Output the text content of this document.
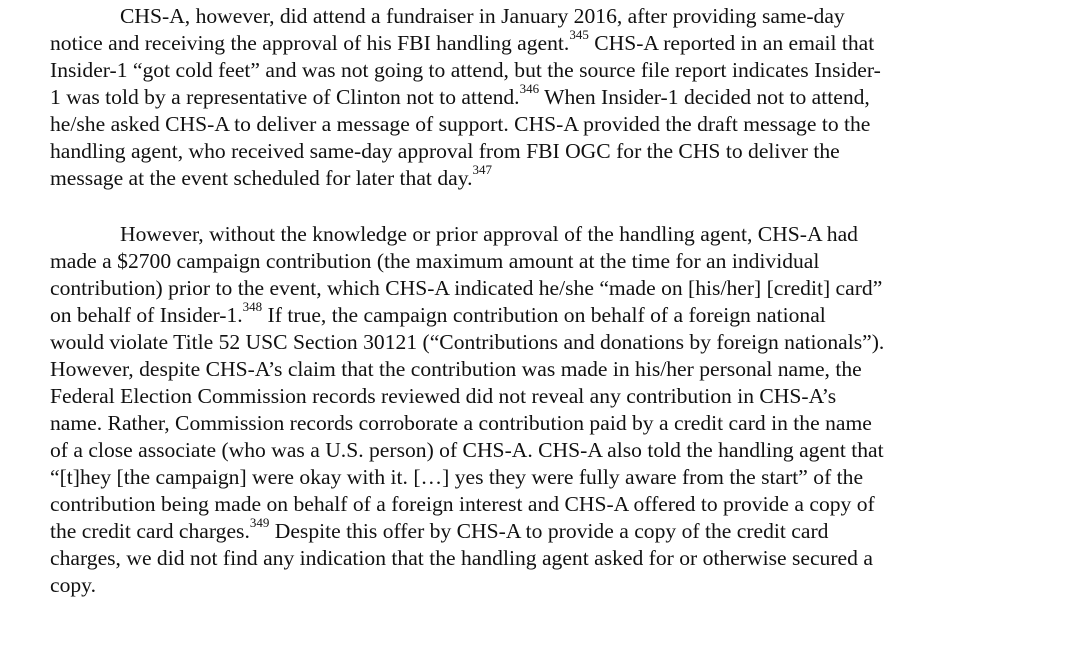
CHS-A, however, did attend a fundraiser in January 2016, after providing same-day
notice and receiving the approval of his FBI handling agent.$^{345}$ CHS-A reported in an email that
Insider-1 “got cold feet” and was not going to attend, but the source file report indicates Insider-
1 was told by a representative of Clinton not to attend.$^{346}$ When Insider-1 decided not to attend,
he/she asked CHS-A to deliver a message of support. CHS-A provided the draft message to the
handling agent, who received same-day approval from FBI OGC for the CHS to deliver the
message at the event scheduled for later that day.$^{347}$
However, without the knowledge or prior approval of the handling agent, CHS-A had
made a $2700 campaign contribution (the maximum amount at the time for an individual
contribution) prior to the event, which CHS-A indicated he/she “made on [his/her] [credit] card”
on behalf of Insider-1.$^{348}$ If true, the campaign contribution on behalf of a foreign national
would violate Title 52 USC Section 30121 (“Contributions and donations by foreign nationals”).
However, despite CHS-A’s claim that the contribution was made in his/her personal name, the
Federal Election Commission records reviewed did not reveal any contribution in CHS-A’s
name. Rather, Commission records corroborate a contribution paid by a credit card in the name
of a close associate (who was a U.S. person) of CHS-A. CHS-A also told the handling agent that
“[t]hey [the campaign] were okay with it. […] yes they were fully aware from the start” of the
contribution being made on behalf of a foreign interest and CHS-A offered to provide a copy of
the credit card charges.$^{349}$ Despite this offer by CHS-A to provide a copy of the credit card
charges, we did not find any indication that the handling agent asked for or otherwise secured a
copy.
